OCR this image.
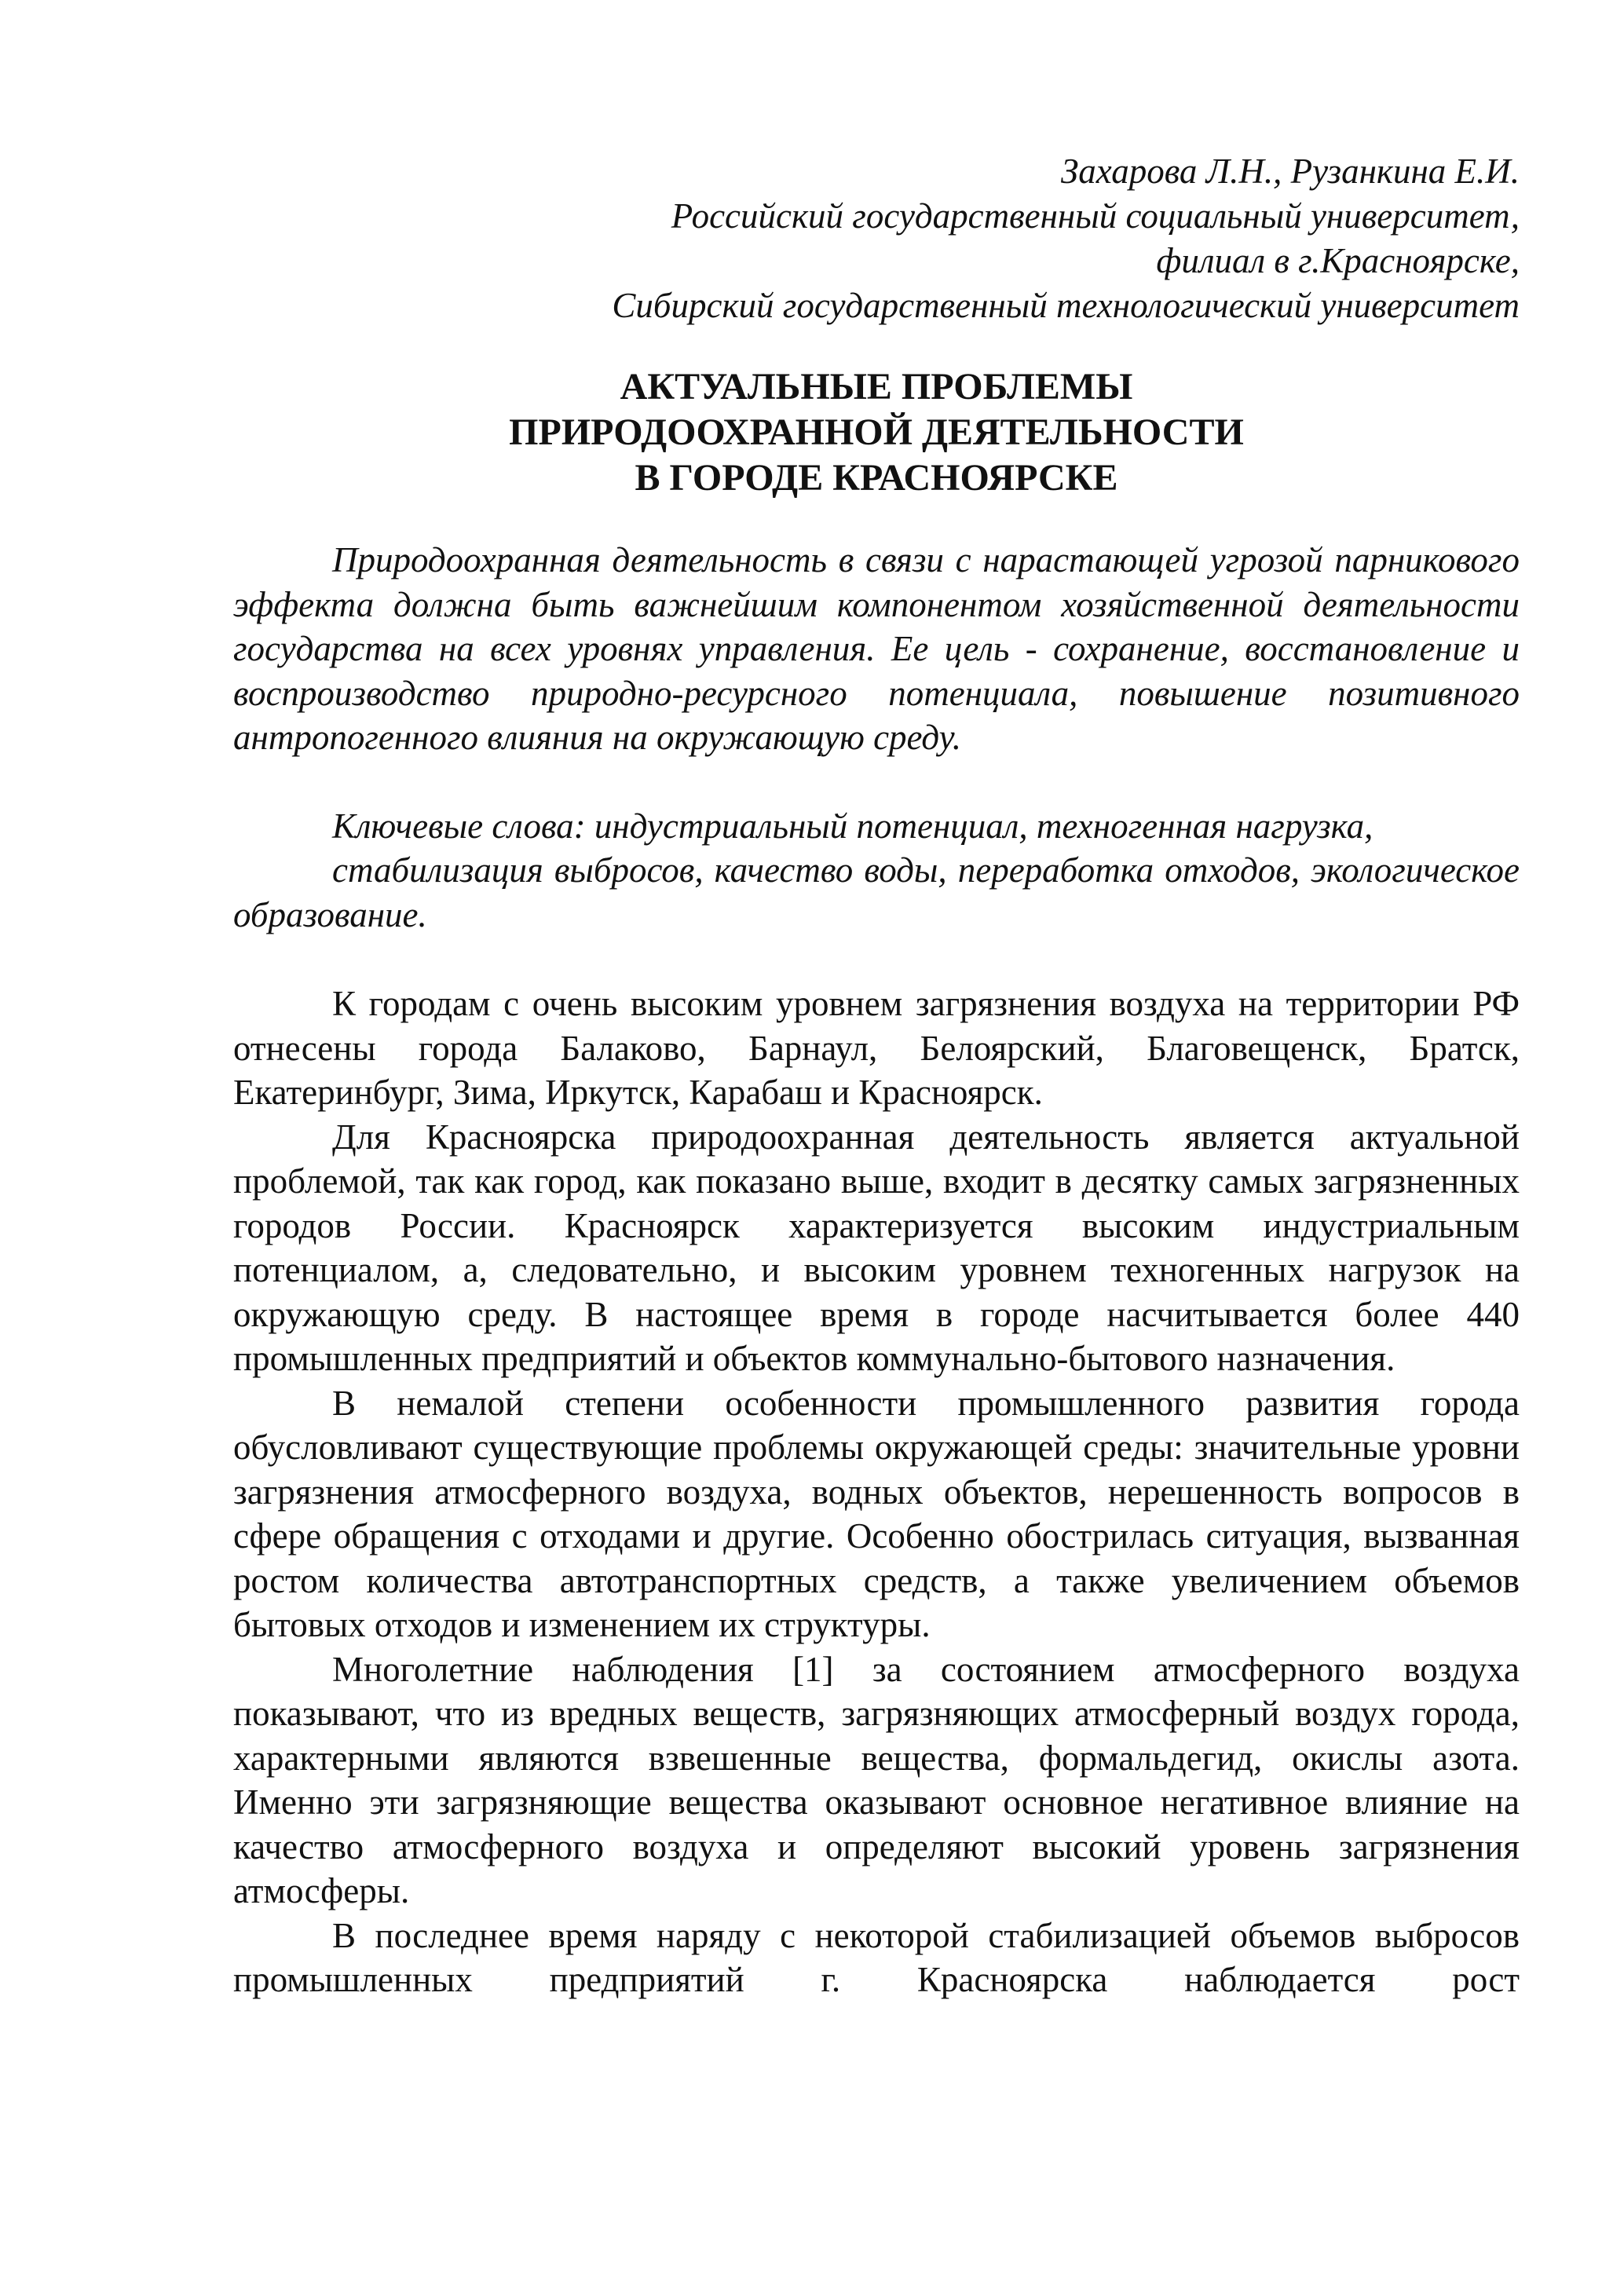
Захарова Л.Н., Рузанкина Е.И.
Российский государственный социальный университет,
филиал в г.Красноярске,
Сибирский государственный технологический университет
АКТУАЛЬНЫЕ ПРОБЛЕМЫ
ПРИРОДООХРАННОЙ ДЕЯТЕЛЬНОСТИ
В ГОРОДЕ КРАСНОЯРСКЕ
Природоохранная деятельность в связи с нарастающей угрозой парникового эффекта должна быть важнейшим компонентом хозяйственной деятельности государства на всех уровнях управления. Ее цель - сохранение, восстановление и воспроизводство природно-ресурсного потенциала, повышение позитивного антропогенного влияния на окружающую среду.
Ключевые слова: индустриальный потенциал, техногенная нагрузка,
стабилизация выбросов, качество воды, переработка отходов, экологическое образование.

К городам с очень высоким уровнем загрязнения воздуха на территории РФ отнесены города Балаково, Барнаул, Белоярский, Благовещенск, Братск, Екатеринбург, Зима, Иркутск, Карабаш и Красноярск.

Для Красноярска природоохранная деятельность является актуальной проблемой, так как город, как показано выше, входит в десятку самых загрязненных городов России. Красноярск характеризуется высоким индустриальным потенциалом, а, следовательно, и высоким уровнем техногенных нагрузок на окружающую среду. В настоящее время в городе насчитывается более 440 промышленных предприятий и объектов коммунально-бытового назначения.

В немалой степени особенности промышленного развития города обусловливают существующие проблемы окружающей среды: значительные уровни загрязнения атмосферного воздуха, водных объектов, нерешенность вопросов в сфере обращения с отходами и другие. Особенно обострилась ситуация, вызванная ростом количества автотранспортных средств, а также увеличением объемов бытовых отходов и изменением их структуры.

Многолетние наблюдения [1] за состоянием атмосферного воздуха показывают, что из вредных веществ, загрязняющих атмосферный воздух города, характерными являются взвешенные вещества, формальдегид, окислы азота. Именно эти загрязняющие вещества оказывают основное негативное влияние на качество атмосферного воздуха и определяют высокий уровень загрязнения атмосферы.

В последнее время наряду с некоторой стабилизацией объемов выбросов промышленных предприятий г. Красноярска наблюдается рост
